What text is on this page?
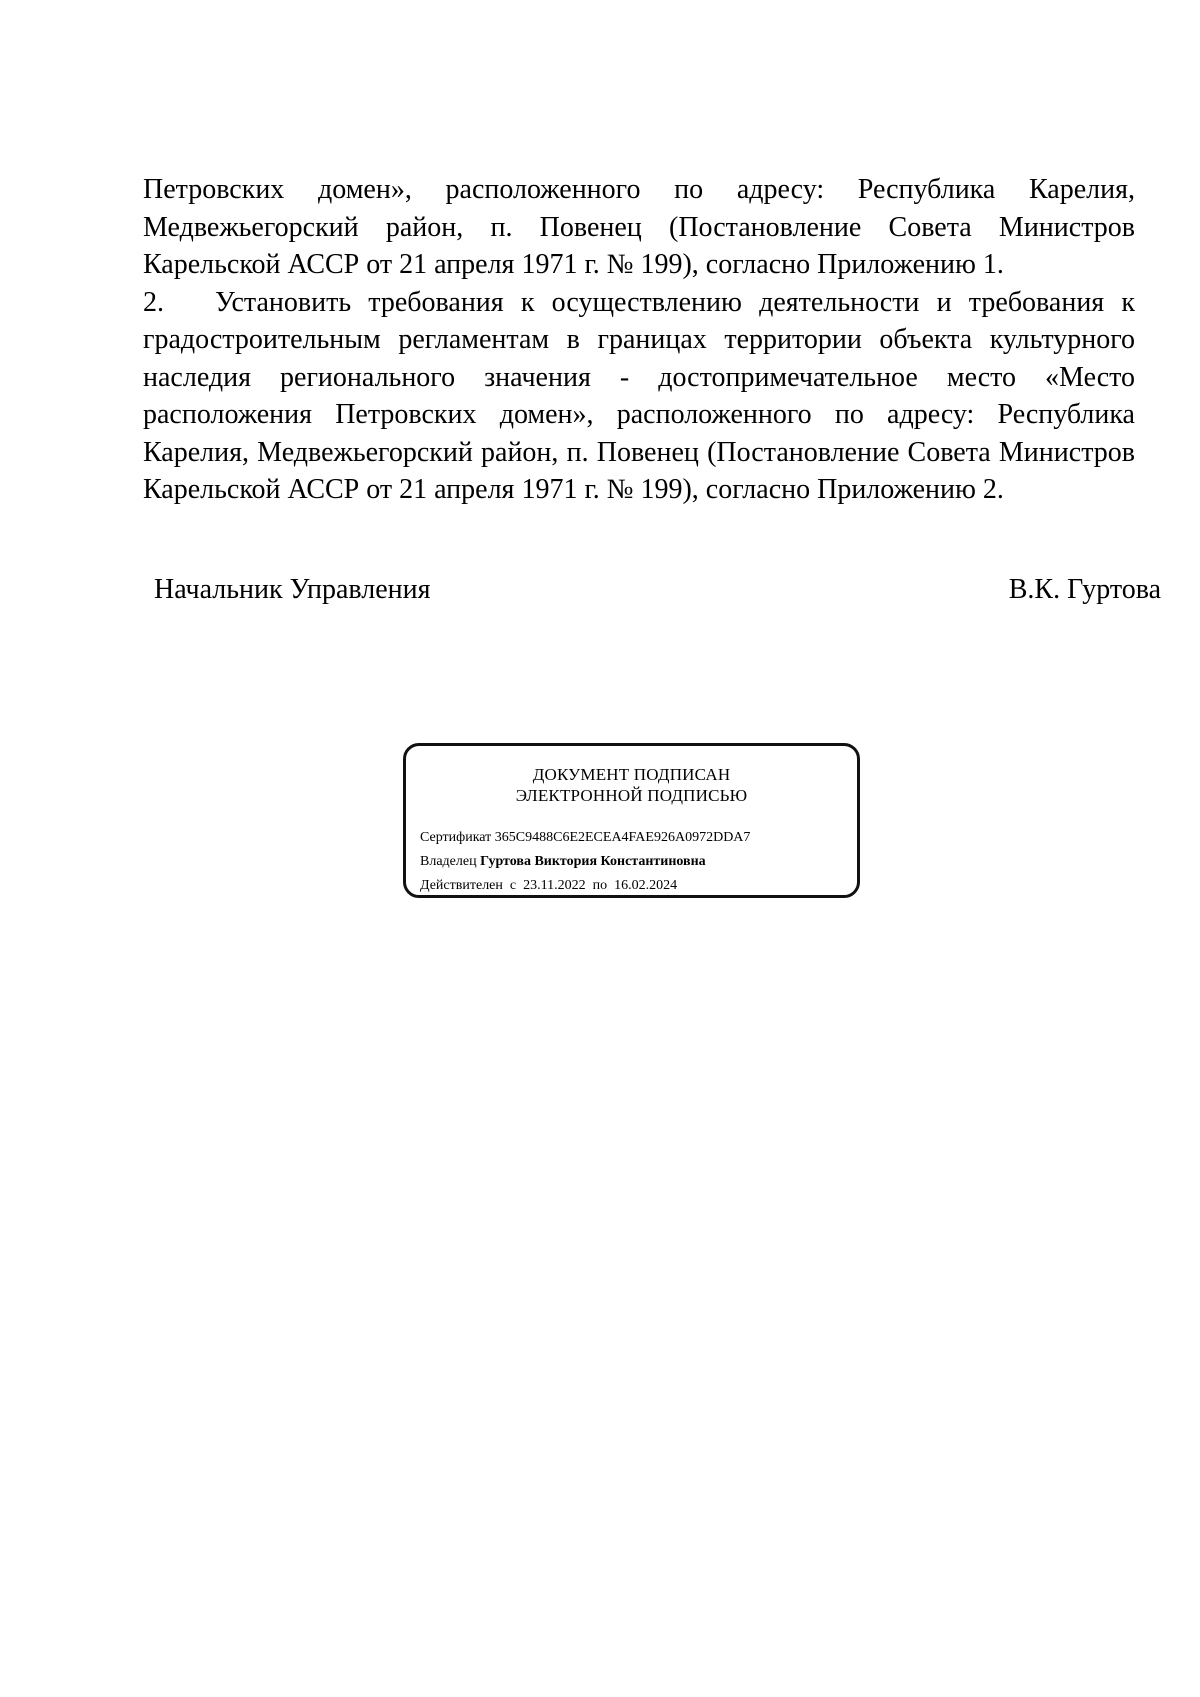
Петровских домен», расположенного по адресу: Республика Карелия, Медвежьегорский район, п. Повенец (Постановление Совета Министров Карельской АССР от 21 апреля 1971 г. № 199), согласно Приложению 1.

2. Установить требования к осуществлению деятельности и требования к градостроительным регламентам в границах территории объекта культурного наследия регионального значения - достопримечательное место «Место расположения Петровских домен», расположенного по адресу: Республика Карелия, Медвежьегорский район, п. Повенец (Постановление Совета Министров Карельской АССР от 21 апреля 1971 г. № 199), согласно Приложению 2.

Начальник Управления	В.К. Гуртова
ДОКУМЕНТ ПОДПИСАН
ЭЛЕКТРОННОЙ ПОДПИСЬЮ
Сертификат 365C9488C6E2ECEA4FAE926A0972DDA7
Владелец Гуртова Виктория Константиновна
Действителен с 23.11.2022 по 16.02.2024
